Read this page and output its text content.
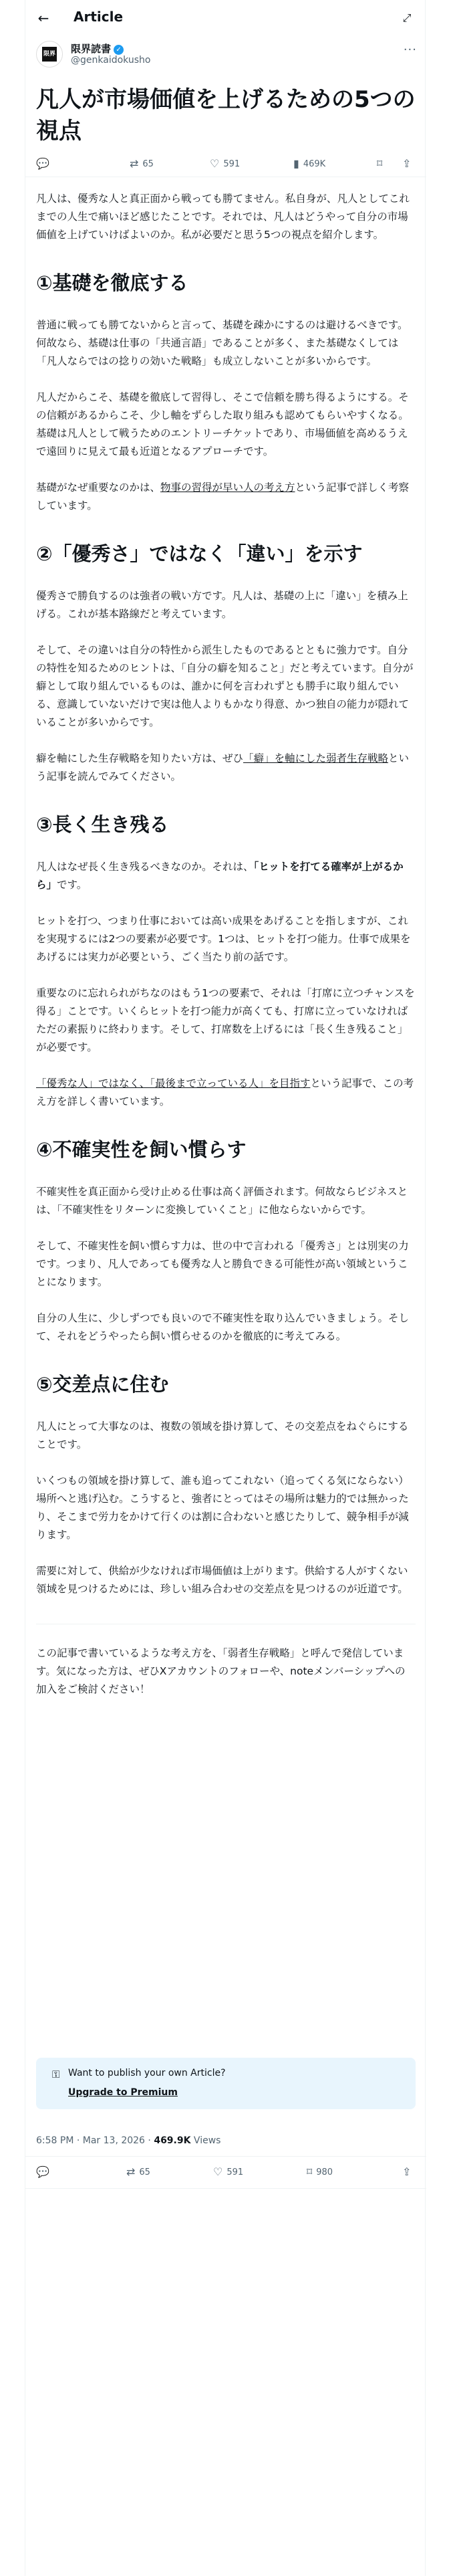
← Article	⤢
限界 限界読書 ✓
@genkaidokusho
···
凡人が市場価値を上げるための5つの視点
💬	⇄ 65	♡ 591	▮ 469K	⌑	⇪

凡人は、優秀な人と真正面から戦っても勝てません。私自身が、凡人としてこれまでの人生で痛いほど感じたことです。それでは、凡人はどうやって自分の市場価値を上げていけばよいのか。私が必要だと思う5つの視点を紹介します。

①基礎を徹底する

普通に戦っても勝てないからと言って、基礎を疎かにするのは避けるべきです。何故なら、基礎は仕事の「共通言語」であることが多く、また基礎なくしては「凡人ならではの捻りの効いた戦略」も成立しないことが多いからです。

凡人だからこそ、基礎を徹底して習得し、そこで信頼を勝ち得るようにする。その信頼があるからこそ、少し軸をずらした取り組みも認めてもらいやすくなる。基礎は凡人として戦うためのエントリーチケットであり、市場価値を高めるうえで遠回りに見えて最も近道となるアプローチです。

基礎がなぜ重要なのかは、物事の習得が早い人の考え方という記事で詳しく考察しています。

②「優秀さ」ではなく「違い」を示す

優秀さで勝負するのは強者の戦い方です。凡人は、基礎の上に「違い」を積み上げる。これが基本路線だと考えています。

そして、その違いは自分の特性から派生したものであるとともに強力です。自分の特性を知るためのヒントは、「自分の癖を知ること」だと考えています。自分が癖として取り組んでいるものは、誰かに何を言われずとも勝手に取り組んでいる、意識していないだけで実は他人よりもかなり得意、かつ独自の能力が隠れていることが多いからです。

癖を軸にした生存戦略を知りたい方は、ぜひ「癖」を軸にした弱者生存戦略という記事を読んでみてください。

③長く生き残る

凡人はなぜ長く生き残るべきなのか。それは、「ヒットを打てる確率が上がるから」です。

ヒットを打つ、つまり仕事においては高い成果をあげることを指しますが、これを実現するには2つの要素が必要です。1つは、ヒットを打つ能力。仕事で成果をあげるには実力が必要という、ごく当たり前の話です。

重要なのに忘れられがちなのはもう1つの要素で、それは「打席に立つチャンスを得る」ことです。いくらヒットを打つ能力が高くても、打席に立っていなければただの素振りに終わります。そして、打席数を上げるには「長く生き残ること」が必要です。

「優秀な人」ではなく、「最後まで立っている人」を目指すという記事で、この考え方を詳しく書いています。

④不確実性を飼い慣らす

不確実性を真正面から受け止める仕事は高く評価されます。何故ならビジネスとは、「不確実性をリターンに変換していくこと」に他ならないからです。

そして、不確実性を飼い慣らす力は、世の中で言われる「優秀さ」とは別実の力です。つまり、凡人であっても優秀な人と勝負できる可能性が高い領域ということになります。

自分の人生に、少しずつでも良いので不確実性を取り込んでいきましょう。そして、それをどうやったら飼い慣らせるのかを徹底的に考えてみる。

⑤交差点に住む

凡人にとって大事なのは、複数の領域を掛け算して、その交差点をねぐらにすることです。

いくつもの領域を掛け算して、誰も追ってこれない（追ってくる気にならない）場所へと逃げ込む。こうすると、強者にとってはその場所は魅力的では無かったり、そこまで労力をかけて行くのは割に合わないと感じたりして、競争相手が減ります。

需要に対して、供給が少なければ市場価値は上がります。供給する人がすくない領域を見つけるためには、珍しい組み合わせの交差点を見つけるのが近道です。

この記事で書いているような考え方を、「弱者生存戦略」と呼んで発信しています。気になった方は、ぜひXアカウントのフォローや、noteメンバーシップへの加入をご検討ください！

⚿ Want to publish your own Article?
Upgrade to Premium
6:58 PM · Mar 13, 2026 · 469.9K Views
💬	⇄ 65	♡ 591	⌑ 980	⇪
